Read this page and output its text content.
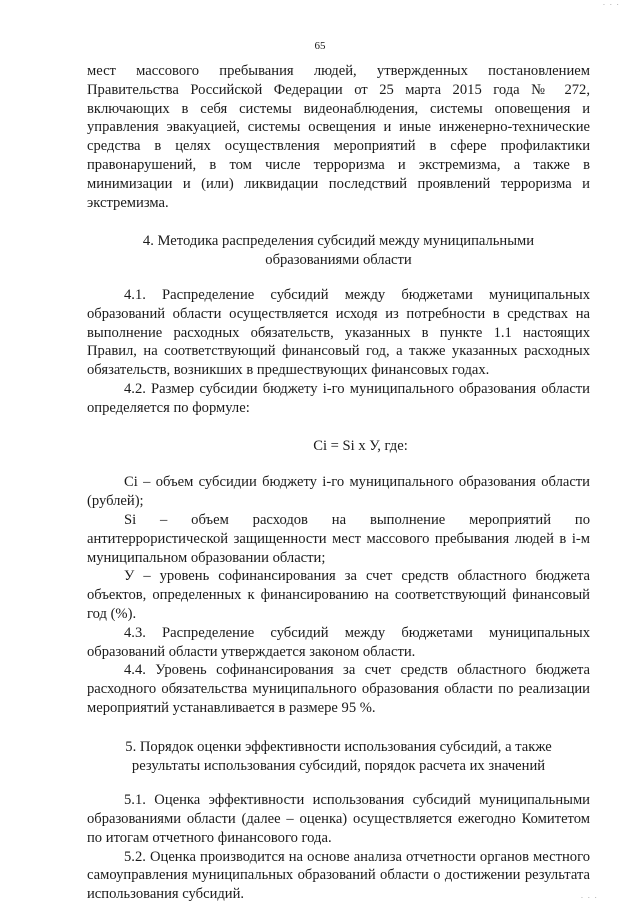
· · ·
65

мест массового пребывания людей, утвержденных постановлением Правительства Российской Федерации от 25 марта 2015 года № 272, включающих в себя системы видеонаблюдения, системы оповещения и управления эвакуацией, системы освещения и иные инженерно-технические средства в целях осуществления мероприятий в сфере профилактики правонарушений, в том числе терроризма и экстремизма, а также в минимизации и (или) ликвидации последствий проявлений терроризма и экстремизма.

4. Методика распределения субсидий между муниципальными

образованиями области

4.1. Распределение субсидий между бюджетами муниципальных образований области осуществляется исходя из потребности в средствах на выполнение расходных обязательств, указанных в пункте 1.1 настоящих Правил, на соответствующий финансовый год, а также указанных расходных обязательств, возникших в предшествующих финансовых годах.

4.2. Размер субсидии бюджету i-го муниципального образования области определяется по формуле:

Ci = Si х У, где:

Ci – объем субсидии бюджету i-го муниципального образования области (рублей);

Si – объем расходов на выполнение мероприятий по антитеррористической защищенности мест массового пребывания людей в i-м муниципальном образовании области;

У – уровень софинансирования за счет средств областного бюджета объектов, определенных к финансированию на соответствующий финансовый год (%).

4.3. Распределение субсидий между бюджетами муниципальных образований области утверждается законом области.

4.4. Уровень софинансирования за счет средств областного бюджета расходного обязательства муниципального образования области по реализации мероприятий устанавливается в размере 95 %.

5. Порядок оценки эффективности использования субсидий, а также

результаты использования субсидий, порядок расчета их значений

5.1. Оценка эффективности использования субсидий муниципальными образованиями области (далее – оценка) осуществляется ежегодно Комитетом по итогам отчетного финансового года.

5.2. Оценка производится на основе анализа отчетности органов местного самоуправления муниципальных образований области о достижении результата использования субсидий.	· · ·
